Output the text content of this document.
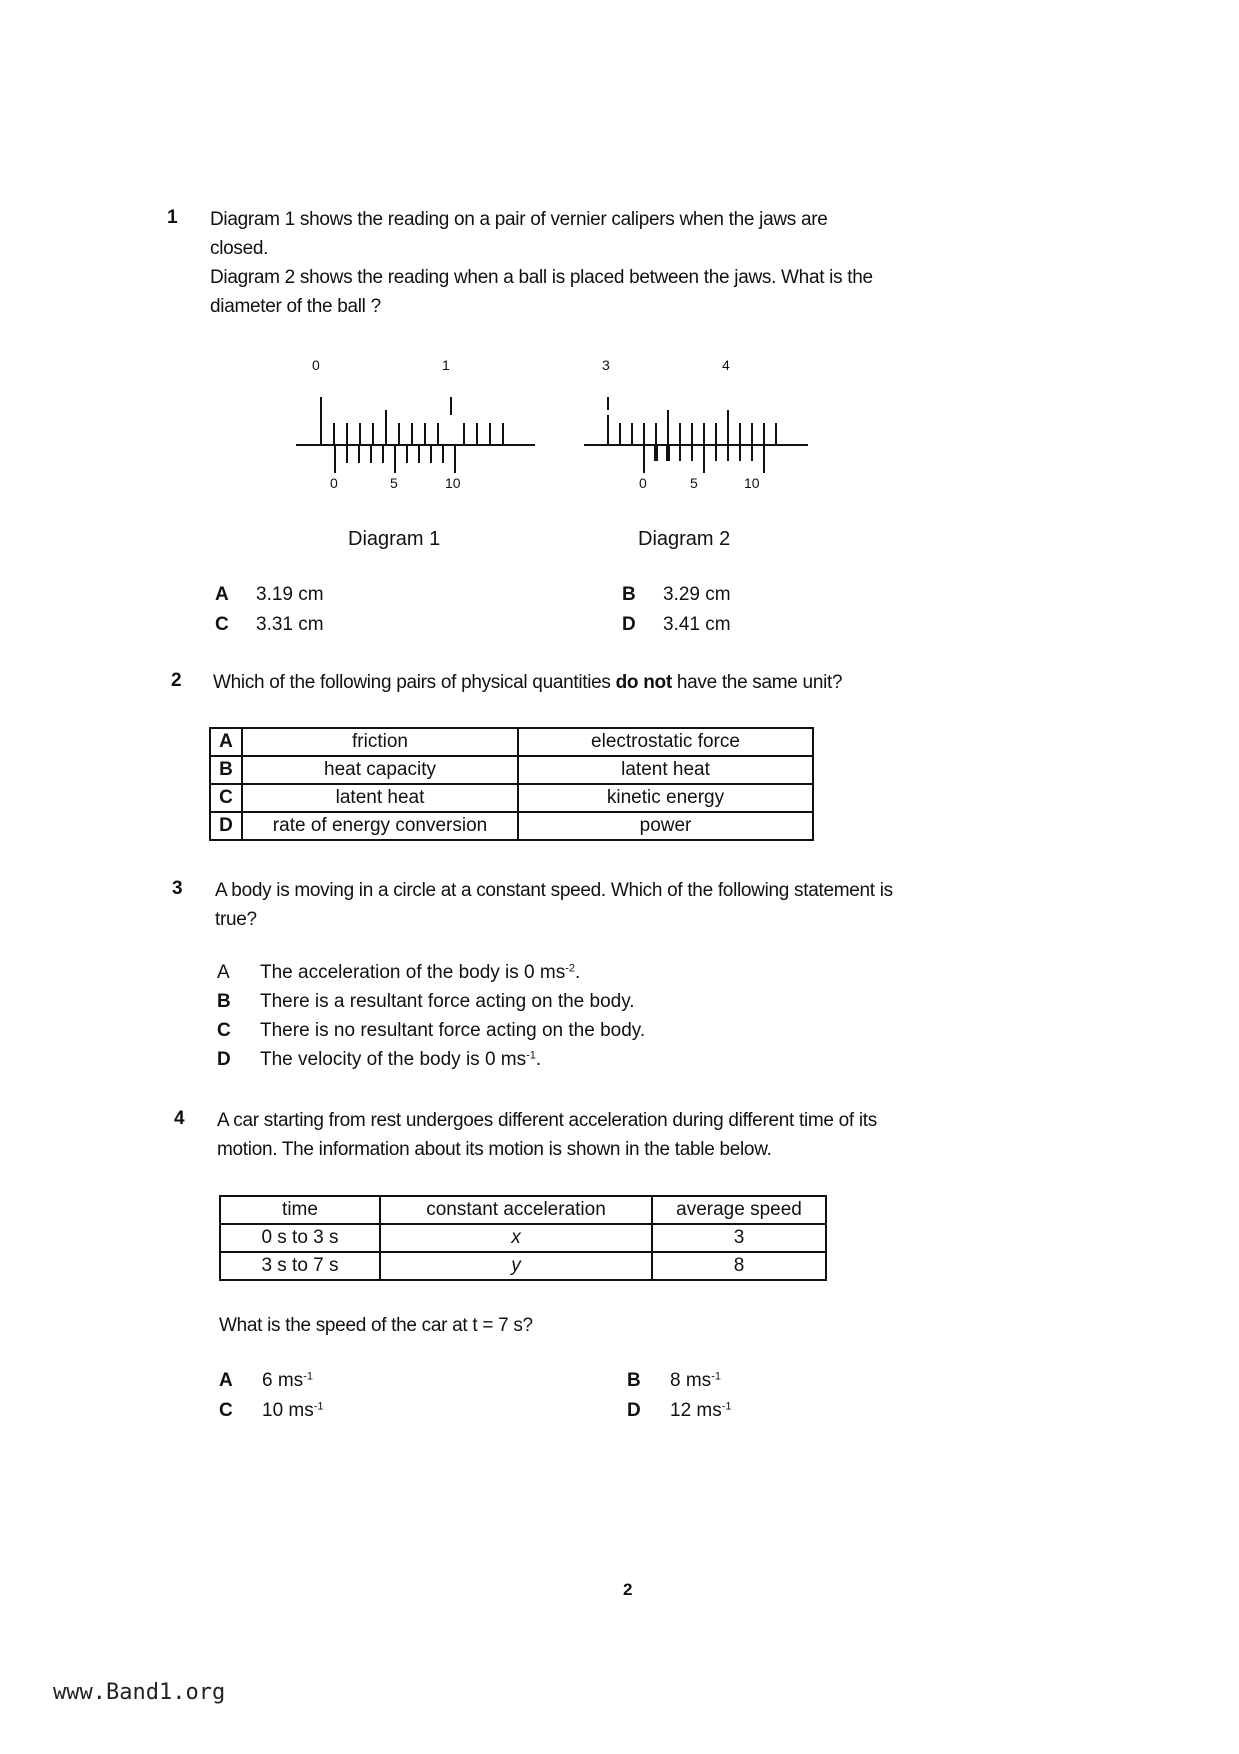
1 Diagram 1 shows the reading on a pair of vernier calipers when the jaws are
closed.
Diagram 2 shows the reading when a ball is placed between the jaws. What is the
diameter of the ball ?
0	1
0	5	10
3	4
0	5	10
Diagram 1	Diagram 2
A 3.19 cm	B 3.29 cm
C 3.31 cm	D 3.41 cm
2 Which of the following pairs of physical quantities do not have the same unit?
A	friction	electrostatic force
B	heat capacity	latent heat
C	latent heat	kinetic energy
D	rate of energy conversion	power
3 A body is moving in a circle at a constant speed. Which of the following statement is
true?
A The acceleration of the body is 0 $ms^{-2}$.
B There is a resultant force acting on the body.
C There is no resultant force acting on the body.
D The velocity of the body is 0 $ms^{-1}$.
4 A car starting from rest undergoes different acceleration during different time of its
motion. The information about its motion is shown in the table below.
time	constant acceleration	average speed
0 s to 3 s	x	3
3 s to 7 s	y	8
What is the speed of the car at t = 7 s?
A 6 $ms^{-1}$	B 8 $ms^{-1}$
C 10 $ms^{-1}$	D 12 $ms^{-1}$
2
www.Band1.org
